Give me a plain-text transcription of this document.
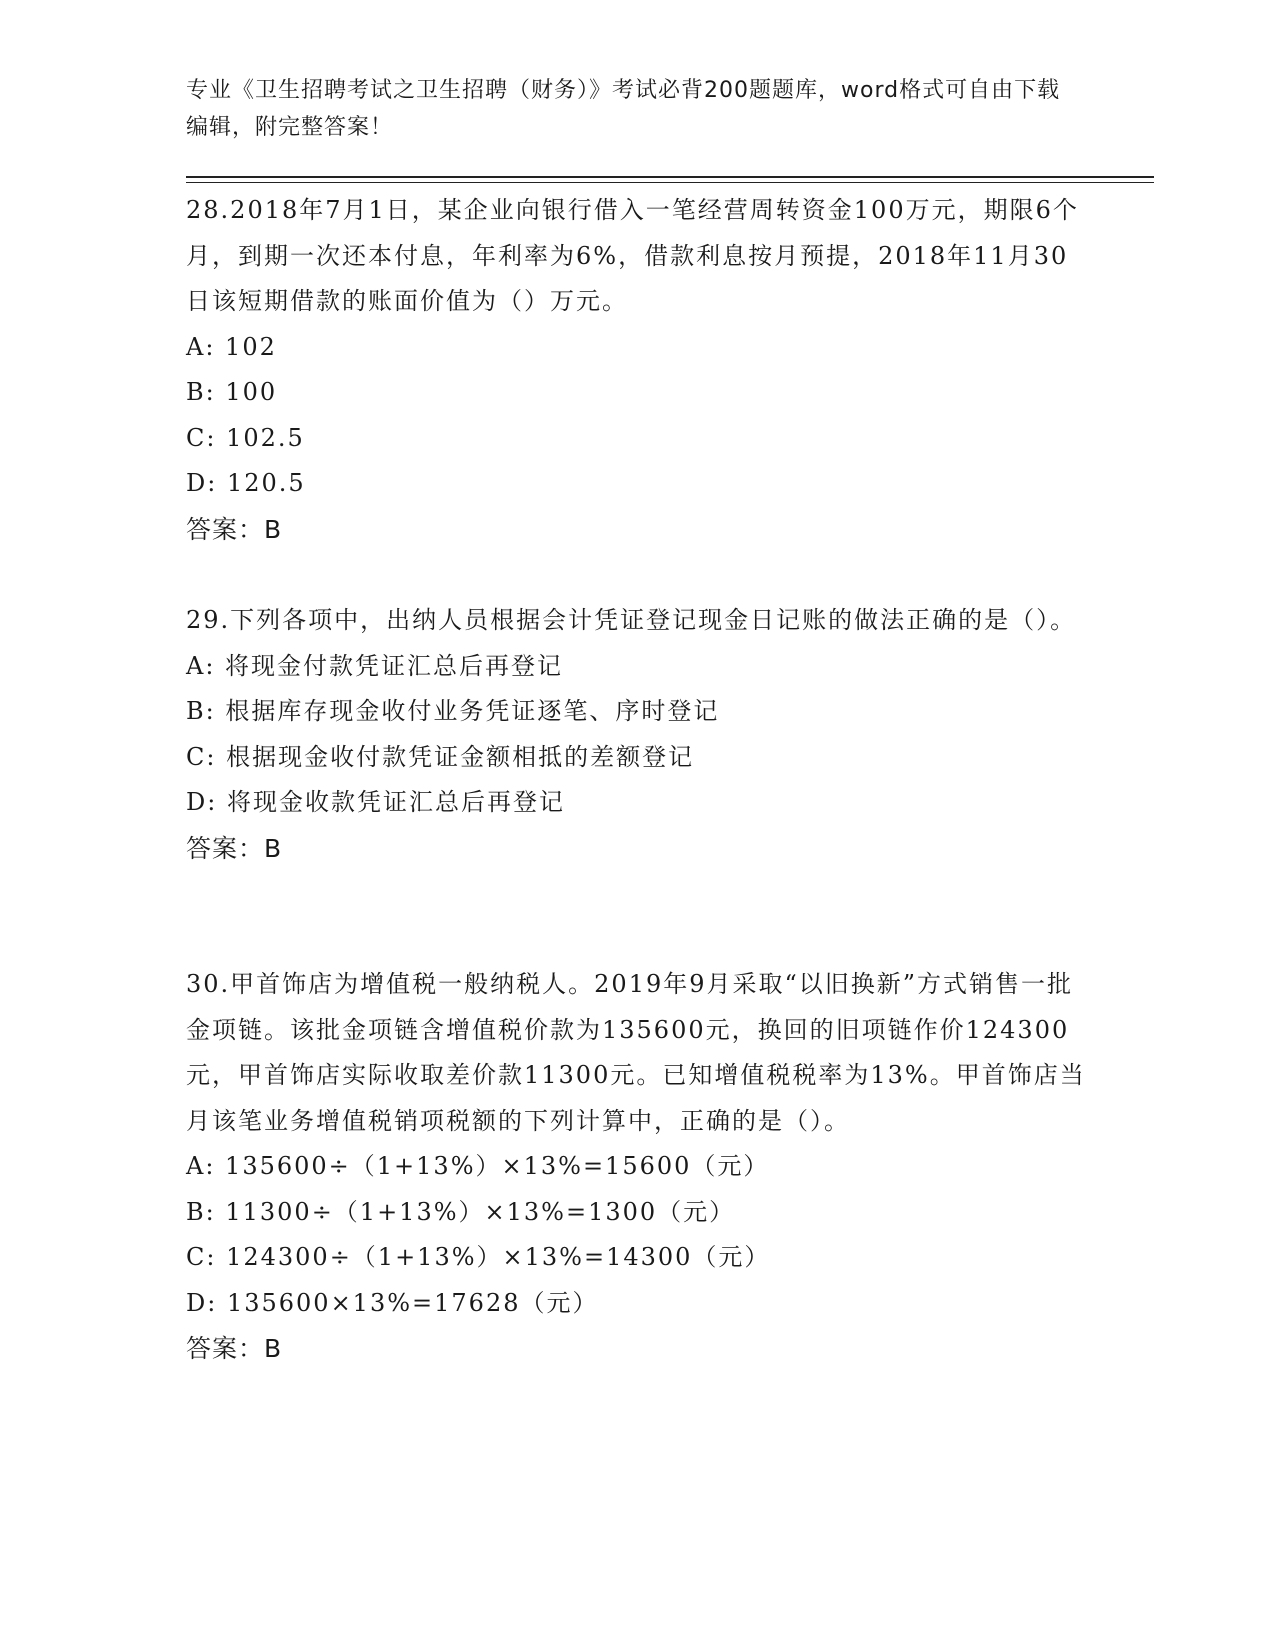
专业《卫生招聘考试之卫生招聘（财务）》考试必背200题题库，word格式可自由下载编辑，附完整答案！
28.2018年7月1日，某企业向银行借入一笔经营周转资金100万元，期限6个月，到期一次还本付息，年利率为6%，借款利息按月预提，2018年11月30日该短期借款的账面价值为（）万元。
A: 102
B: 100
C: 102.5
D: 120.5
答案：B
29.下列各项中，出纳人员根据会计凭证登记现金日记账的做法正确的是（）。
A: 将现金付款凭证汇总后再登记
B: 根据库存现金收付业务凭证逐笔、序时登记
C: 根据现金收付款凭证金额相抵的差额登记
D: 将现金收款凭证汇总后再登记
答案：B
30.甲首饰店为增值税一般纳税人。2019年9月采取“以旧换新”方式销售一批金项链。该批金项链含增值税价款为135600元，换回的旧项链作价124300元，甲首饰店实际收取差价款11300元。已知增值税税率为13%。甲首饰店当月该笔业务增值税销项税额的下列计算中，正确的是（）。
A: 135600÷（1+13%）×13%=15600（元）
B: 11300÷（1+13%）×13%=1300（元）
C: 124300÷（1+13%）×13%=14300（元）
D: 135600×13%=17628（元）
答案：B
